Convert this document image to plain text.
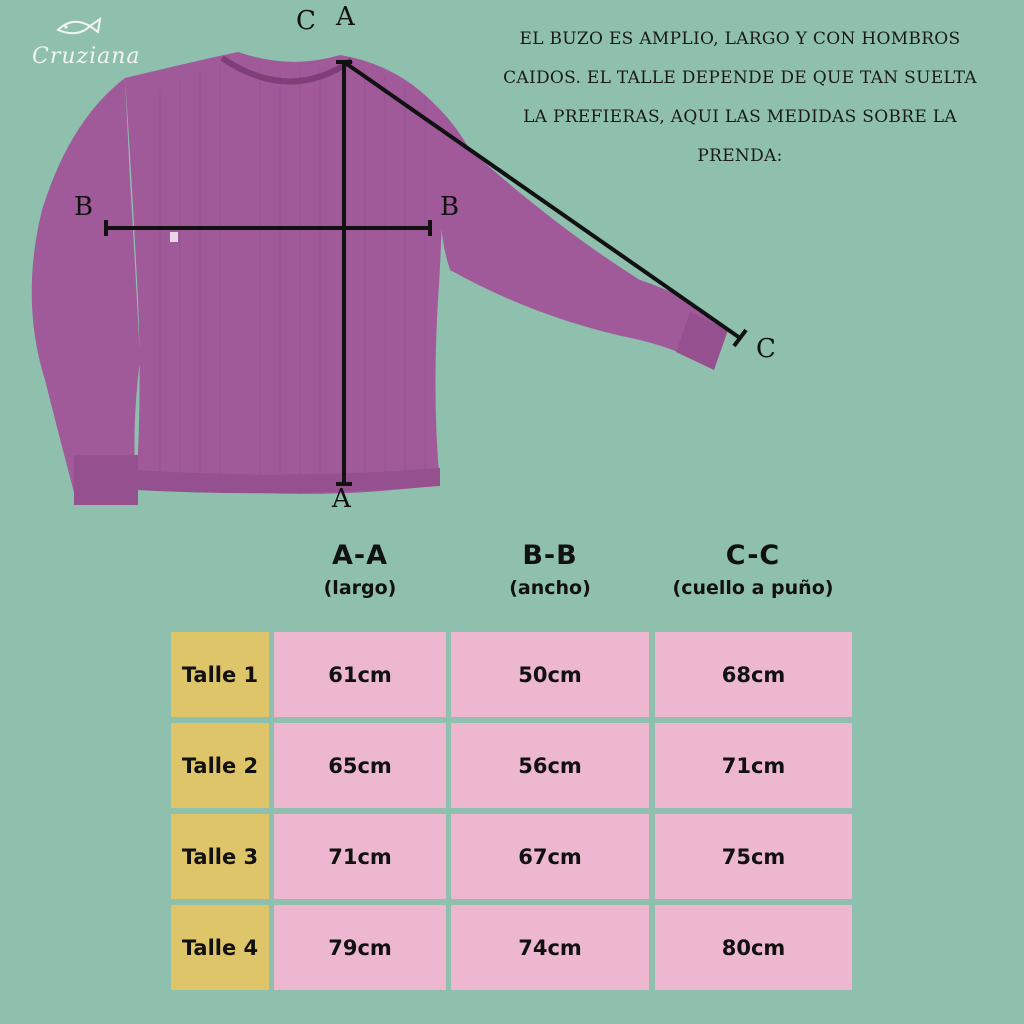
Cruziana
EL BUZO ES AMPLIO, LARGO Y CON HOMBROS
CAIDOS. EL TALLE DEPENDE DE QUE TAN SUELTA
LA PREFIERAS, AQUI LAS MEDIDAS SOBRE LA
PRENDA:
C A
A
B	B
C
A-A
(largo)
B-B
(ancho)
C-C
(cuello a puño)
Talle 1	61cm	50cm	68cm
Talle 2	65cm	56cm	71cm
Talle 3	71cm	67cm	75cm
Talle 4	79cm	74cm	80cm
